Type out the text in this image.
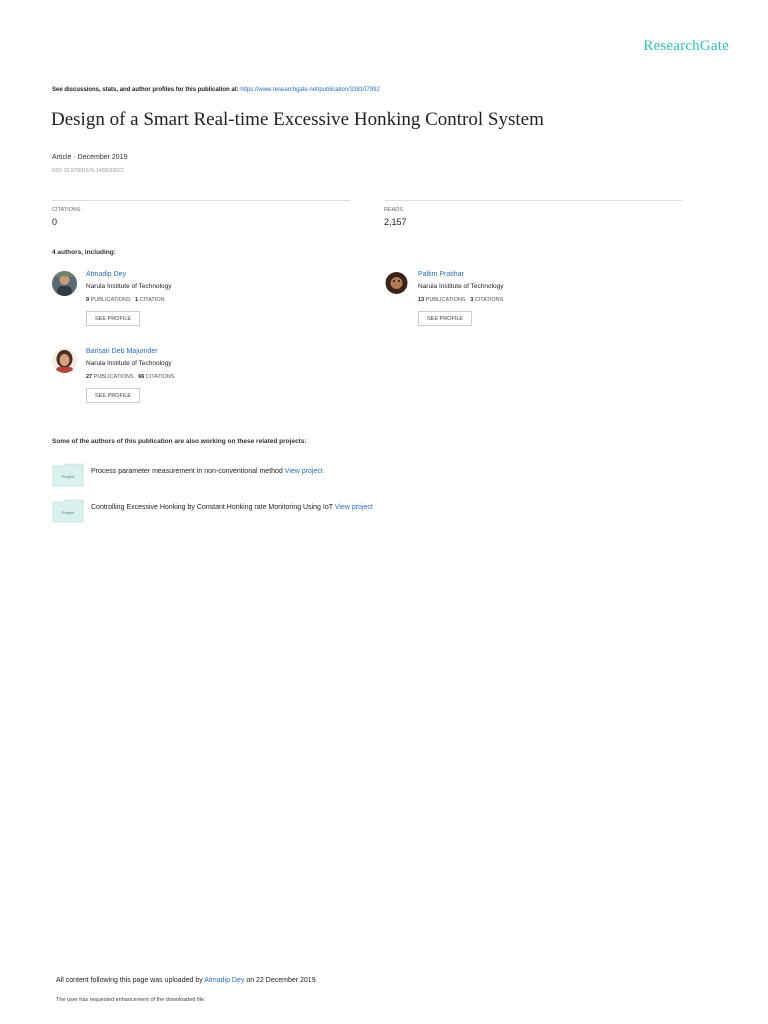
ResearchGate
See discussions, stats, and author profiles for this publication at: https://www.researchgate.net/publication/338107992
Design of a Smart Real-time Excessive Honking Control System
Article · December 2019
DOI: 10.9790/1676-1406010022
CITATIONS
0
READS
2,157
4 authors, including:
Atmadip Dey
Narula Institute of Technology
9 PUBLICATIONS 1 CITATION
SEE PROFILE
Paltim Pratihar
Narula Institute of Technology
13 PUBLICATIONS 3 CITATIONS
SEE PROFILE
Bansari Deb Majumder
Narula Institute of Technology
27 PUBLICATIONS 66 CITATIONS
SEE PROFILE
Some of the authors of this publication are also working on these related projects:
Project
Process parameter measurement in non-conventional method View project
Project
Controlling Excessive Honking by Constant Honking rate Monitoring Using IoT View project
All content following this page was uploaded by Atmadip Dey on 22 December 2019.
The user has requested enhancement of the downloaded file.
